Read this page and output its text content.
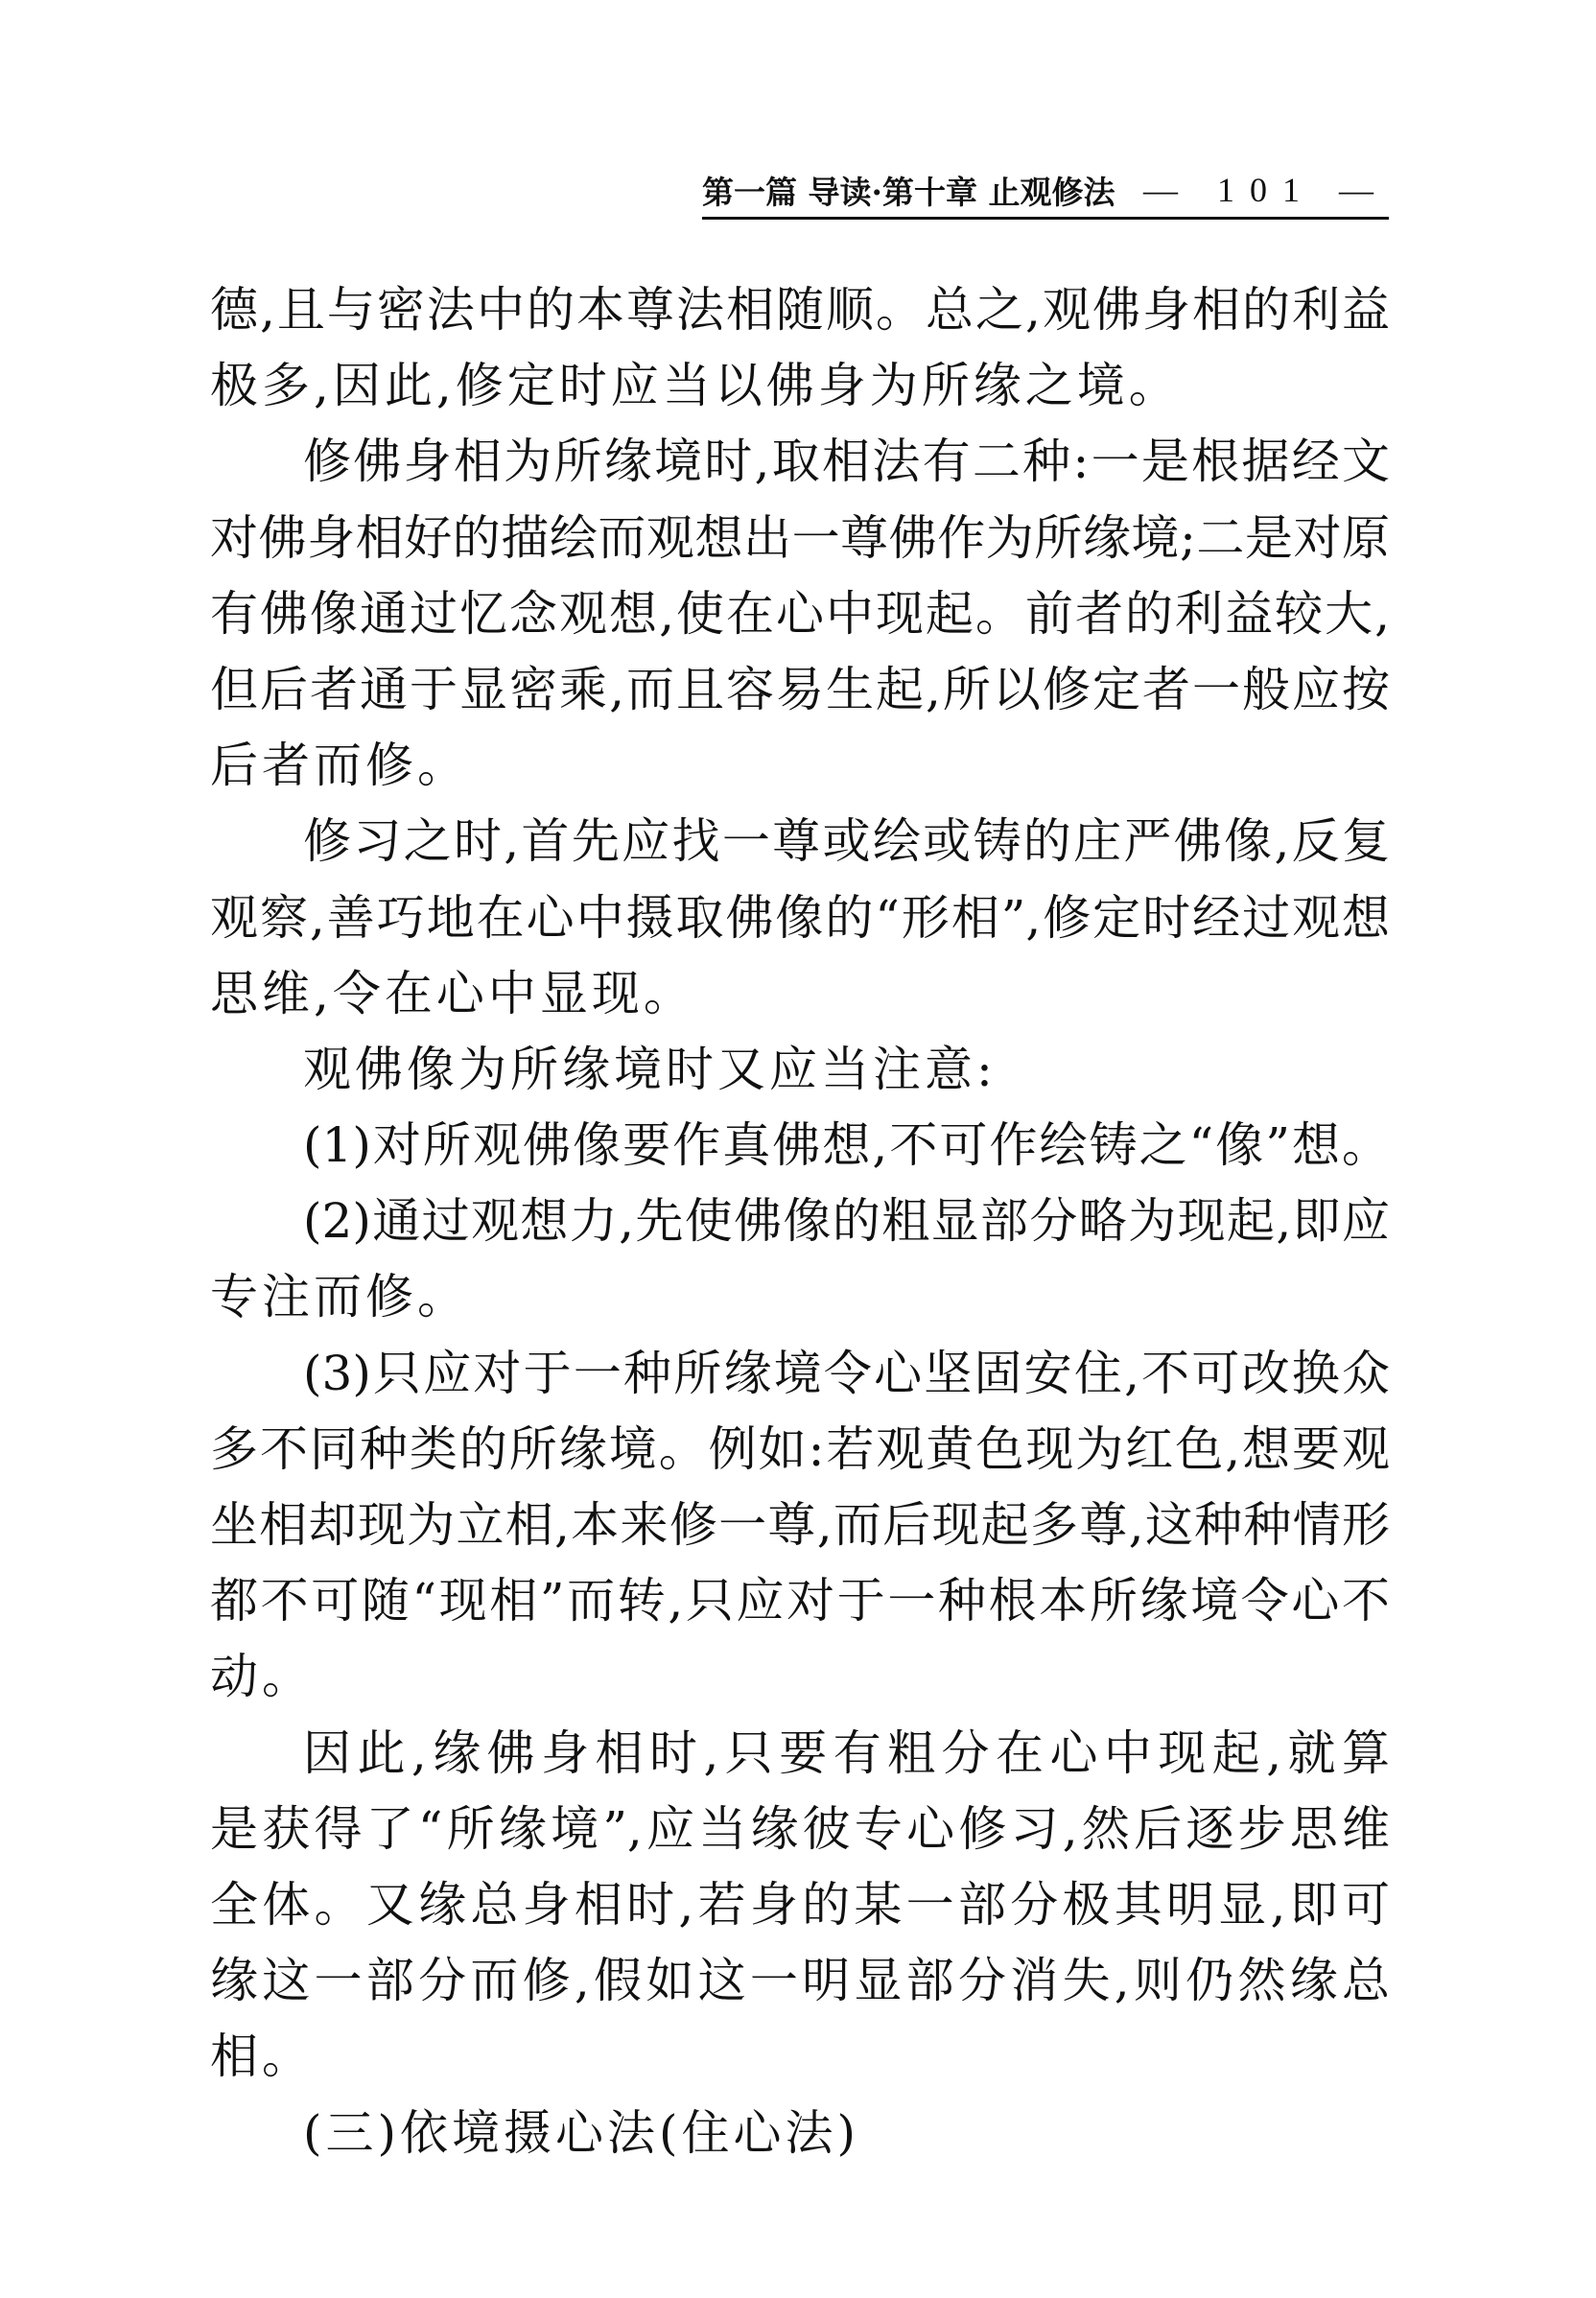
第一篇 导读·第十章 止观修法 — 101 —
德,且与密法中的本尊法相随顺。总之,观佛身相的利益
极多,因此,修定时应当以佛身为所缘之境。
修佛身相为所缘境时,取相法有二种:一是根据经文
对佛身相好的描绘而观想出一尊佛作为所缘境;二是对原
有佛像通过忆念观想,使在心中现起。前者的利益较大,
但后者通于显密乘,而且容易生起,所以修定者一般应按
后者而修。
修习之时,首先应找一尊或绘或铸的庄严佛像,反复
观察,善巧地在心中摄取佛像的“形相”,修定时经过观想
思维,令在心中显现。
观佛像为所缘境时又应当注意:
(1)对所观佛像要作真佛想,不可作绘铸之“像”想。
(2)通过观想力,先使佛像的粗显部分略为现起,即应
专注而修。
(3)只应对于一种所缘境令心坚固安住,不可改换众
多不同种类的所缘境。例如:若观黄色现为红色,想要观
坐相却现为立相,本来修一尊,而后现起多尊,这种种情形
都不可随“现相”而转,只应对于一种根本所缘境令心不
动。
因此,缘佛身相时,只要有粗分在心中现起,就算
是获得了“所缘境”,应当缘彼专心修习,然后逐步思维
全体。又缘总身相时,若身的某一部分极其明显,即可
缘这一部分而修,假如这一明显部分消失,则仍然缘总
相。
(三)依境摄心法(住心法)
